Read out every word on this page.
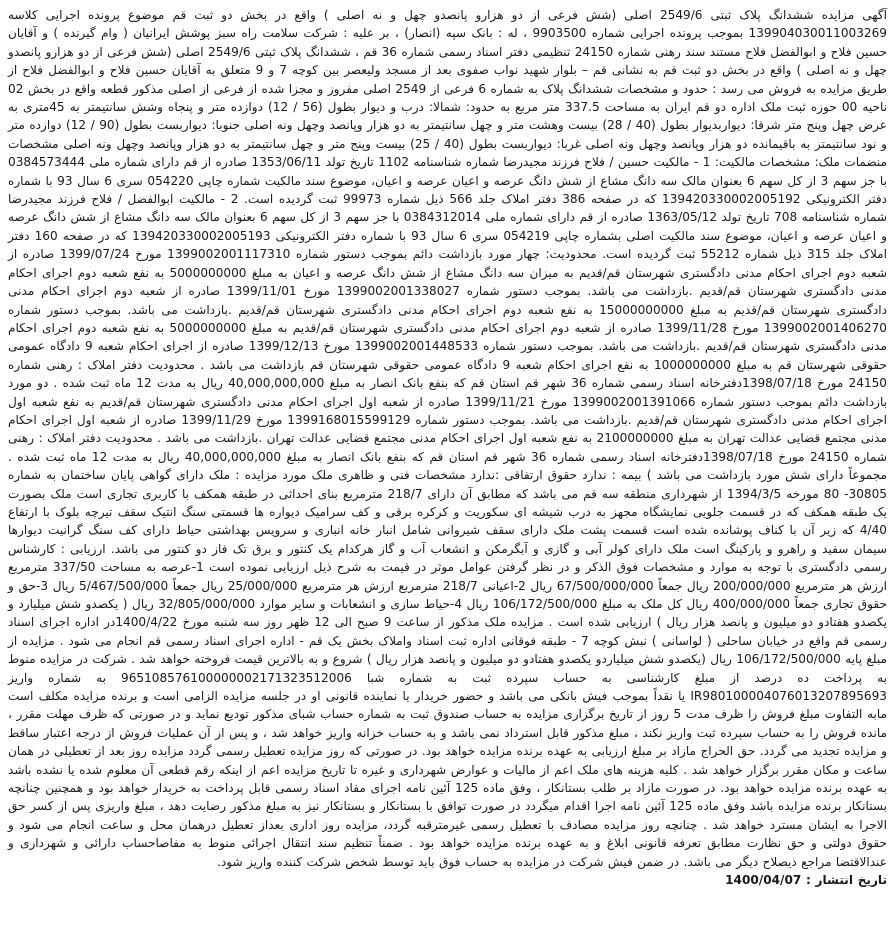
آگهی مزایده ششدانگ پلاک ثبتی 2549/6 اصلی (شش فرعی از دو هزارو پانصدو چهل و نه اصلی ) واقع در بخش دو ثبت قم موضوع پرونده اجرایی کلاسه 139904030011003269 بموجب پرونده اجرایی شماره 9903500 ، له : بانک سپه (انصار) ، بر علیه : شرکت سلامت راه سبز پوشش ایرانیان ( وام گیرنده ) و آقایان حسین فلاح و ابوالفضل فلاح مستند سند رهنی شماره 24150 تنظیمی دفتر اسناد رسمی شماره 36 قم ، ششدانگ پلاک ثبتی 2549/6 اصلی (شش فرعی از دو هزارو پانصدو چهل و نه اصلی ) واقع در بخش دو ثبت قم به نشانی قم – بلوار شهید نواب صفوی بعد از مسجد ولیعصر بین کوچه 7 و 9 متعلق به آقایان حسین فلاح و ابوالفضل فلاح از طریق مزایده به فروش می رسد : حدود و مشخصات ششدانگ پلاک به شماره 6 فرعی از 2549 اصلی مفروز و مجزا شده از فرعی از اصلی مذکور قطعه واقع در بخش 02 ناحیه 00 حوزه ثبت ملک اداره دو قم ایران به مساحت 337.5 متر مربع به حدود: شمالا: درب و دیوار بطول (56 / 12) دوازده متر و پنجاه وشش سانتیمتر به 45متری به عرض چهل وپنج متر شرقا: دیواربدیوار بطول (40 / 28) بیست وهشت متر و چهل سانتیمتر به دو هزار وپانصد وچهل ونه اصلی جنوبا: دیواربست بطول (90 / 12) دوازده متر و نود سانتیمتر به باقیمانده دو هزار وپانصد وچهل ونه اصلی غربا: دیواربست بطول (40 / 25) بیست وپنج متر و چهل سانتیمتر به دو هزار وپانصد وچهل ونه اصلی مشخصات منضمات ملک: مشخصات مالکیت: 1 - مالکیت حسین / فلاح فرزند مجیدرضا شماره شناسنامه 1102 تاریخ تولد 1353/06/11 صادره از قم دارای شماره ملی 0384573444 با جز سهم 3 از کل سهم 6 بعنوان مالک سه دانگ مشاع از شش دانگ عرصه و اعیان عرصه و اعیان، موضوع سند مالکیت شماره چاپی 054220 سری 6 سال 93 با شماره دفتر الکترونیکی 139420330002005192 که در صفحه 386 دفتر املاک جلد 566 ذیل شماره 99973 ثبت گردیده است. 2 - مالکیت ابوالفضل / فلاح فرزند مجیدرضا شماره شناسنامه 708 تاریخ تولد 1363/05/12 صادره از قم دارای شماره ملی 0384312014 با جز سهم 3 از کل سهم 6 بعنوان مالک سه دانگ مشاع از شش دانگ عرصه و اعیان عرصه و اعیان، موضوع سند مالکیت اصلی بشماره چاپی 054219 سری 6 سال 93 با شماره دفتر الکترونیکی 139420330002005193 که در صفحه 160 دفتر املاک جلد 315 ذیل شماره 55212 ثبت گردیده است. محدودیت: چهار مورد بازداشت دائم بموجب دستور شماره 1399002001117310 مورخ 1399/07/24 صادره از شعبه دوم اجرای احکام مدنی دادگستری شهرستان قم/قدیم به میزان سه دانگ مشاع از شش دانگ عرصه و اعیان به مبلغ 5000000000 به نفع شعبه دوم اجرای احکام مدنی دادگستری شهرستان قم/قدیم .بازداشت می باشد. بموجب دستور شماره 1399002001338027 مورخ 1399/11/01 صادره از شعبه دوم اجرای احکام مدنی دادگستری شهرستان قم/قدیم به مبلغ 15000000000 به نفع شعبه دوم اجرای احکام مدنی دادگستری شهرستان قم/قدیم .بازداشت می باشد. بموجب دستور شماره 1399002001406270 مورخ 1399/11/28 صادره از شعبه دوم اجرای احکام مدنی دادگستری شهرستان قم/قدیم به مبلغ 5000000000 به نفع شعبه دوم اجرای احکام مدنی دادگستری شهرستان قم/قدیم .بازداشت می باشد. بموجب دستور شماره 1399002001448533 مورخ 1399/12/13 صادره از اجرای احکام شعبه 9 دادگاه عمومی حقوقی شهرستان قم به مبلغ 1000000000 به نفع اجرای احکام شعبه 9 دادگاه عمومی حقوقی شهرستان قم بازداشت می باشد . محدودیت دفتر املاک : رهنی شماره 24150 مورخ 1398/07/18دفترخانه اسناد رسمی شماره 36 شهر قم استان قم که بنفع بانک انصار به مبلغ 40,000,000,000 ریال به مدت 12 ماه ثبت شده . دو مورد بازداشت دائم بموجب دستور شماره 1399002001391066 مورخ 1399/11/21 صادره از شعبه اول اجرای احکام مدنی دادگستری شهرستان قم/قدیم به نفع شعبه اول اجرای احکام مدنی دادگستری شهرستان قم/قدیم .بازداشت می باشد. بموجب دستور شماره 1399168015599129 مورخ 1399/11/29 صادره از شعبه اول اجرای احکام مدنی مجتمع قضایی عدالت تهران به مبلغ 2100000000 به نفع شعبه اول اجرای احکام مدنی مجتمع قضایی عدالت تهران .بازداشت می باشد . محدودیت دفتر املاک : رهنی شماره 24150 مورخ 1398/07/18دفترخانه اسناد رسمی شماره 36 شهر قم استان قم که بنفع بانک انصار به مبلغ 40,000,000,000 ریال به مدت 12 ماه ثبت شده . مجموعاً دارای شش مورد بازداشت می باشد ) بیمه : ندارد حقوق ارتفاقی :ندارد مشخصات فنی و ظاهری ملک مورد مزایده : ملک دارای گواهی پایان ساختمان به شماره 30805- 80 مورخه 1394/3/5 از شهرداری منطقه سه قم می باشد که مطابق آن دارای 218/7 مترمربع بنای احداثی در طبقه همکف با کاربری تجاری است ملک بصورت یک طبقه همکف که در قسمت جلویی نمایشگاه مجهز به درب شیشه ای سکوریت و کرکره برقی و کف سرامیک دیواره ها قسمتی سنگ انتیک سقف تیرچه بلوک با ارتفاع 4/40 که زیر آن با کناف پوشانده شده است قسمت پشت ملک دارای سقف شیروانی شامل انبار خانه انباری و سرویس بهداشتی حیاط دارای کف سنگ گرانیت دیوارها سیمان سفید و راهرو و پارکینگ است ملک دارای کولر آبی و گازی و آبگرمکن و انشعاب آب و گاز هرکدام یک کنتور و برق تک فاز دو کنتور می باشد. ارزیابی : کارشناس رسمی دادگستری با توجه به موارد و مشخصات فوق الذکر و در نظر گرفتن عوامل موثر در قیمت به شرح ذیل ارزیابی نموده است 1-عرصه به مساحت 337/50 مترمربع ارزش هر مترمربع 200/000/000 ریال جمعاً 67/500/000/000 ریال 2-اعیانی 218/7 مترمربع ارزش هر مترمربع 25/000/000 ریال جمعاً 5/467/500/000 ریال 3-حق و حقوق تجاری جمعاً 400/000/000 ریال کل ملک به مبلغ 106/172/500/000 ریال 4-حیاط سازی و انشعابات و سایر موارد 32/805/000/000 ریال ( یکصدو شش میلیارد و یکصدو هفتادو دو میلیون و پانصد هزار ریال ) ارزیابی شده است . مزایده ملک مذکور از ساعت 9 صبح الی 12 ظهر روز سه شنبه مورخ 1400/4/22در اداره اجرای اسناد رسمی قم واقع در خیابان ساحلی ( لواسانی ) نبش کوچه 7 - طبقه فوقانی اداره ثبت اسناد واملاک بخش یک قم - اداره اجرای اسناد رسمی قم انجام می شود . مزایده از مبلغ پایه 106/172/500/000 ریال (یکصدو شش میلیاردو یکصدو هفتادو دو میلیون و پانصد هزار ریال ) شروع و به بالاترین قیمت فروخته خواهد شد . شرکت در مزایده منوط به پرداخت ده درصد از مبلغ کارشناسی به حساب سپرده ثبت به شماره شبا 965108576100000002171323512006 به شماره واریز IR980100004076013207895693 یا نقداً بموجب فیش بانکی می باشد و حضور خریدار یا نماینده قانونی او در جلسه مزایده الزامی است و برنده مزایده مکلف است مابه التفاوت مبلغ فروش را ظرف مدت 5 روز از تاریخ برگزاری مزایده به حساب صندوق ثبت به شماره حساب شبای مذکور تودیع نماید و در صورتی که ظرف مهلت مقرر ، مانده فروش را به حساب سپرده ثبت واریز نکند ، مبلغ مذکور قابل استرداد نمی باشد و به حساب خزانه واریز خواهد شد ، و پس از آن عملیات فروش از درجه اعتبار ساقط و مزایده تجدید می گردد. حق الحراج مازاد بر مبلغ ارزیابی به عهده برنده مزایده خواهد بود. در صورتی که روز مزایده تعطیل رسمی گردد مزایده روز بعد از تعطیلی در همان ساعت و مکان مقرر برگزار خواهد شد . کلیه هزینه های ملک اعم از مالیات و عوارض شهرداری و غیره تا تاریخ مزایده اعم از اینکه رقم قطعی آن معلوم شده یا نشده باشد به عهده برنده مزایده خواهد بود. در صورت مازاد بر طلب بستانکار ، وفق ماده 125 آئین نامه اجرای مفاد اسناد رسمی قابل پرداخت به خریدار خواهد بود و همچنین چنانچه بستانکار برنده مزایده باشد وفق ماده 125 آئین نامه اجرا اقدام میگردد در صورت توافق با بستانکار و بستانکار نیز به مبلغ مذکور رضایت دهد ، مبلغ واریزی پس از کسر حق الاجرا به ایشان مسترد خواهد شد . چنانچه روز مزایده مصادف با تعطیل رسمی غیرمترقبه گردد، مزایده روز اداری بعداز تعطیل درهمان محل و ساعت انجام می شود و حقوق دولتی و حق نظارت مطابق تعرفه قانونی ابلاغ و به عهده برنده مزایده خواهد بود . ضمناً تنظیم سند انتقال اجرائی منوط به مفاصاحساب دارائی و شهرداری و عندالاقتضا مراجع ذیصلاح دیگر می باشد. در ضمن فیش شرکت در مزایده به حساب فوق باید توسط شخص شرکت کننده واریز شود.

تاریخ انتشار : 1400/04/07
